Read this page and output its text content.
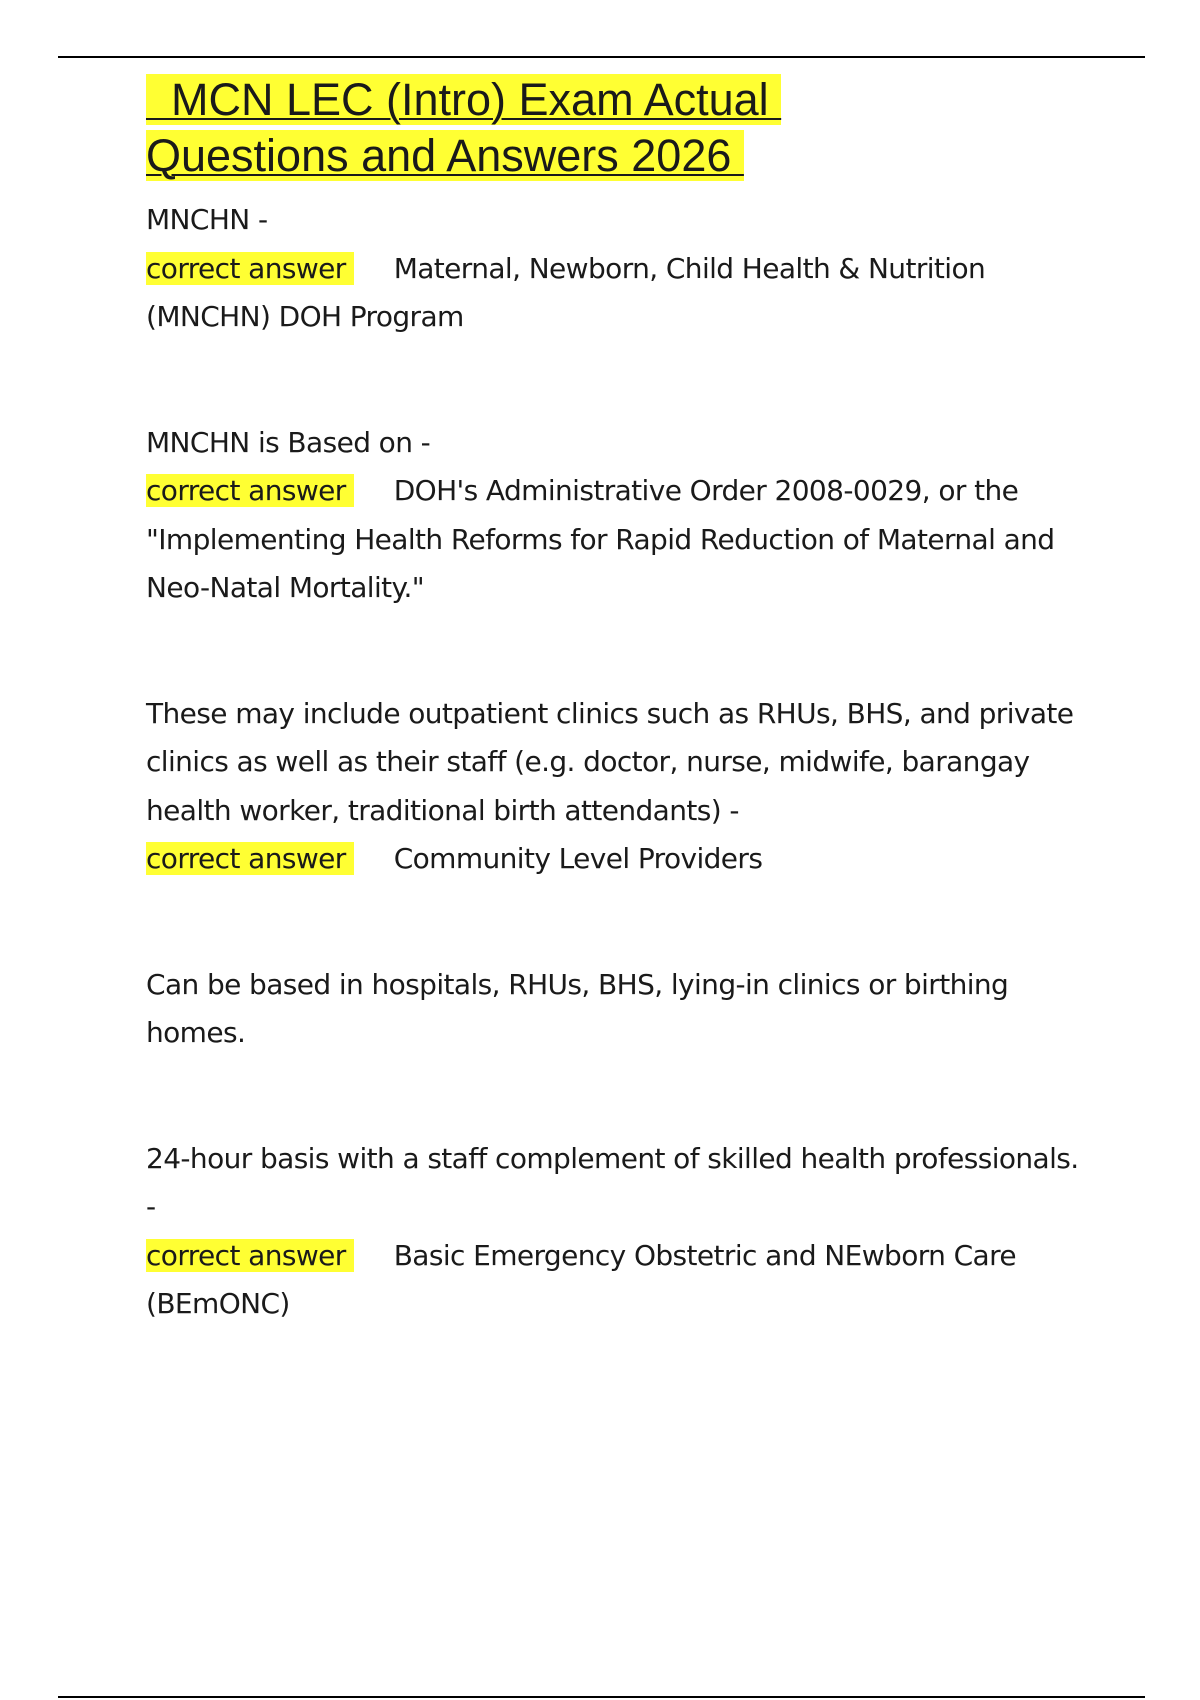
MCN LEC (Intro) Exam Actual
Questions and Answers 2026
MNCHN -
correct answer Maternal, Newborn, Child Health & Nutrition (MNCHN) DOH Program
MNCHN is Based on -
correct answer DOH's Administrative Order 2008-0029, or the "Implementing Health Reforms for Rapid Reduction of Maternal and Neo-Natal Mortality."
These may include outpatient clinics such as RHUs, BHS, and private clinics as well as their staff (e.g. doctor, nurse, midwife, barangay health worker, traditional birth attendants) -
correct answer Community Level Providers
Can be based in hospitals, RHUs, BHS, lying-in clinics or birthing homes.
24-hour basis with a staff complement of skilled health professionals. -
correct answer Basic Emergency Obstetric and NEwborn Care (BEmONC)
